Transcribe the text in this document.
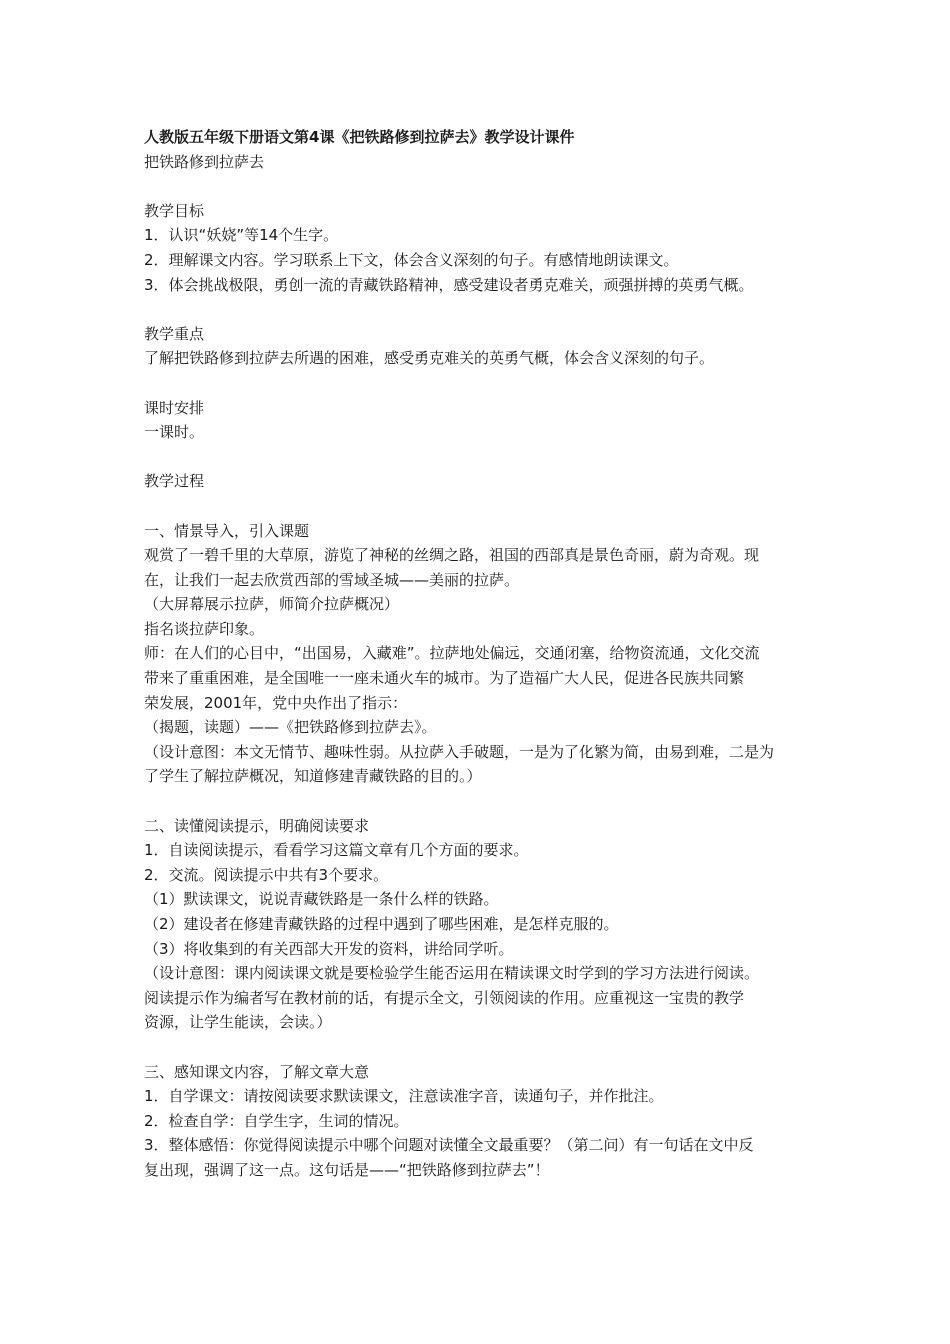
人教版五年级下册语文第4课《把铁路修到拉萨去》教学设计课件
把铁路修到拉萨去
教学目标
1．认识“妖娆”等14个生字。
2．理解课文内容。学习联系上下文，体会含义深刻的句子。有感情地朗读课文。
3．体会挑战极限，勇创一流的青藏铁路精神，感受建设者勇克难关，顽强拼搏的英勇气概。
教学重点
了解把铁路修到拉萨去所遇的困难，感受勇克难关的英勇气概，体会含义深刻的句子。
课时安排
一课时。
教学过程
一、情景导入，引入课题
观赏了一碧千里的大草原，游览了神秘的丝绸之路，祖国的西部真是景色奇丽，蔚为奇观。现
在，让我们一起去欣赏西部的雪域圣城——美丽的拉萨。
（大屏幕展示拉萨，师简介拉萨概况）
指名谈拉萨印象。
师：在人们的心目中，“出国易，入藏难”。拉萨地处偏远，交通闭塞，给物资流通，文化交流
带来了重重困难，是全国唯一一座未通火车的城市。为了造福广大人民，促进各民族共同繁
荣发展，2001年，党中央作出了指示：
（揭题，读题）——《把铁路修到拉萨去》。
（设计意图：本文无情节、趣味性弱。从拉萨入手破题，一是为了化繁为简，由易到难，二是为
了学生了解拉萨概况，知道修建青藏铁路的目的。）
二、读懂阅读提示，明确阅读要求
1．自读阅读提示，看看学习这篇文章有几个方面的要求。
2．交流。阅读提示中共有3个要求。
（1）默读课文，说说青藏铁路是一条什么样的铁路。
（2）建设者在修建青藏铁路的过程中遇到了哪些困难，是怎样克服的。
（3）将收集到的有关西部大开发的资料，讲给同学听。
（设计意图：课内阅读课文就是要检验学生能否运用在精读课文时学到的学习方法进行阅读。
阅读提示作为编者写在教材前的话，有提示全文，引领阅读的作用。应重视这一宝贵的教学
资源，让学生能读，会读。）
三、感知课文内容，了解文章大意
1．自学课文：请按阅读要求默读课文，注意读准字音，读通句子，并作批注。
2．检查自学：自学生字，生词的情况。
3．整体感悟：你觉得阅读提示中哪个问题对读懂全文最重要？（第二问）有一句话在文中反
复出现，强调了这一点。这句话是——“把铁路修到拉萨去”！
